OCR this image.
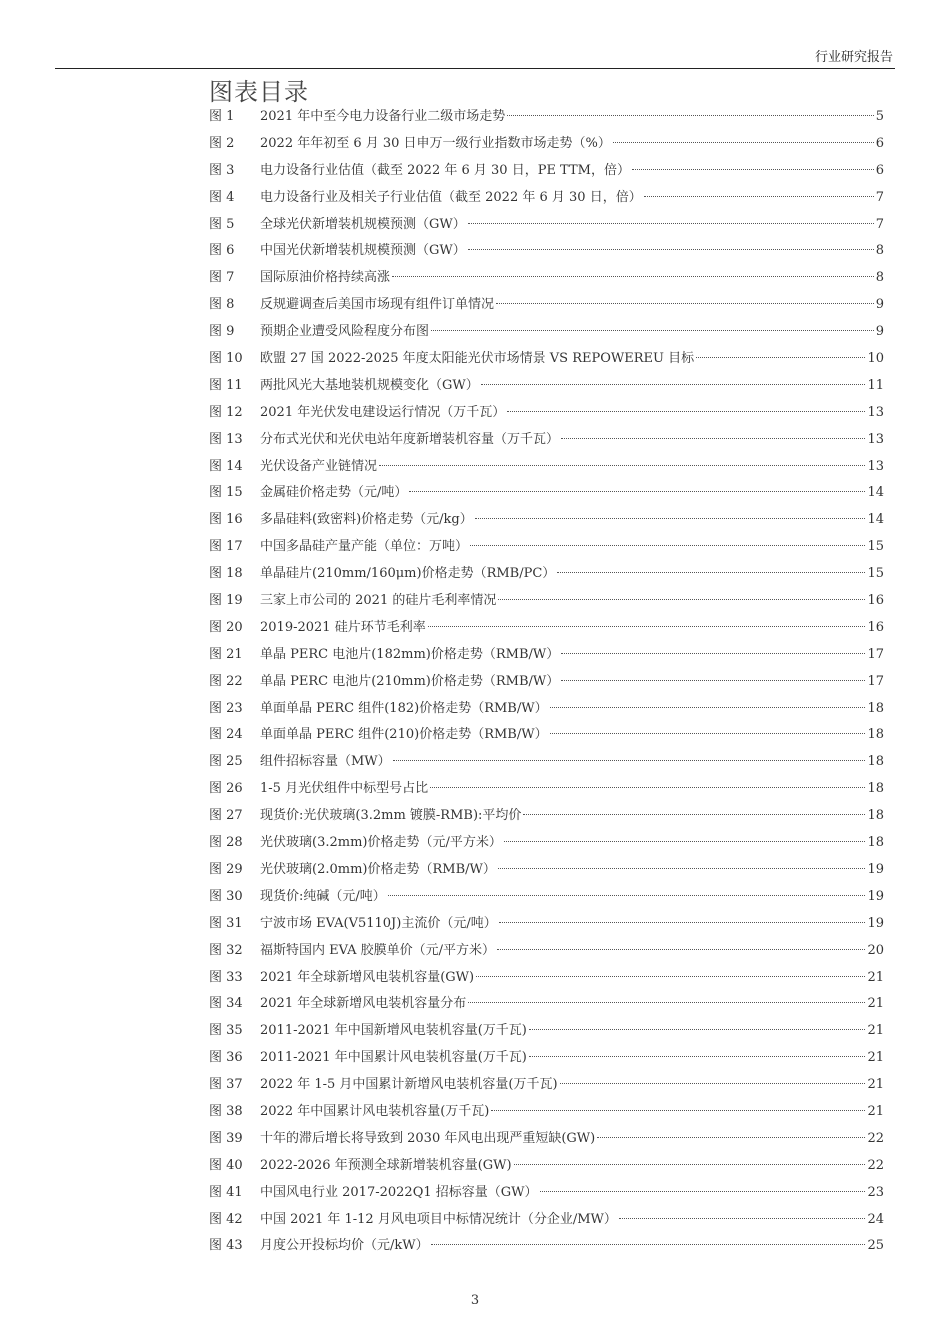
行业研究报告
图表目录
图 1	2021 年中至今电力设备行业二级市场走势	5
图 2	2022 年年初至 6 月 30 日申万一级行业指数市场走势（%）	6
图 3	电力设备行业估值（截至 2022 年 6 月 30 日，PE TTM，倍）	6
图 4	电力设备行业及相关子行业估值（截至 2022 年 6 月 30 日，倍）	7
图 5	全球光伏新增装机规模预测（GW）	7
图 6	中国光伏新增装机规模预测（GW）	8
图 7	国际原油价格持续高涨	8
图 8	反规避调查后美国市场现有组件订单情况	9
图 9	预期企业遭受风险程度分布图	9
图 10	欧盟 27 国 2022-2025 年度太阳能光伏市场情景 VS REPOWEREU 目标	10
图 11	两批风光大基地装机规模变化（GW）	11
图 12	2021 年光伏发电建设运行情况（万千瓦）	13
图 13	分布式光伏和光伏电站年度新增装机容量（万千瓦）	13
图 14	光伏设备产业链情况	13
图 15	金属硅价格走势（元/吨）	14
图 16	多晶硅料(致密料)价格走势（元/kg）	14
图 17	中国多晶硅产量产能（单位：万吨）	15
图 18	单晶硅片(210mm/160μm)价格走势（RMB/PC）	15
图 19	三家上市公司的 2021 的硅片毛利率情况	16
图 20	2019-2021 硅片环节毛利率	16
图 21	单晶 PERC 电池片(182mm)价格走势（RMB/W）	17
图 22	单晶 PERC 电池片(210mm)价格走势（RMB/W）	17
图 23	单面单晶 PERC 组件(182)价格走势（RMB/W）	18
图 24	单面单晶 PERC 组件(210)价格走势（RMB/W）	18
图 25	组件招标容量（MW）	18
图 26	1-5 月光伏组件中标型号占比	18
图 27	现货价:光伏玻璃(3.2mm 镀膜-RMB):平均价	18
图 28	光伏玻璃(3.2mm)价格走势（元/平方米）	18
图 29	光伏玻璃(2.0mm)价格走势（RMB/W）	19
图 30	现货价:纯碱（元/吨）	19
图 31	宁波市场 EVA(V5110J)主流价（元/吨）	19
图 32	福斯特国内 EVA 胶膜单价（元/平方米）	20
图 33	2021 年全球新增风电装机容量(GW)	21
图 34	2021 年全球新增风电装机容量分布	21
图 35	2011-2021 年中国新增风电装机容量(万千瓦)	21
图 36	2011-2021 年中国累计风电装机容量(万千瓦)	21
图 37	2022 年 1-5 月中国累计新增风电装机容量(万千瓦)	21
图 38	2022 年中国累计风电装机容量(万千瓦)	21
图 39	十年的滞后增长将导致到 2030 年风电出现严重短缺(GW)	22
图 40	2022-2026 年预测全球新增装机容量(GW)	22
图 41	中国风电行业 2017-2022Q1 招标容量（GW）	23
图 42	中国 2021 年 1-12 月风电项目中标情况统计（分企业/MW）	24
图 43	月度公开投标均价（元/kW）	25
3
